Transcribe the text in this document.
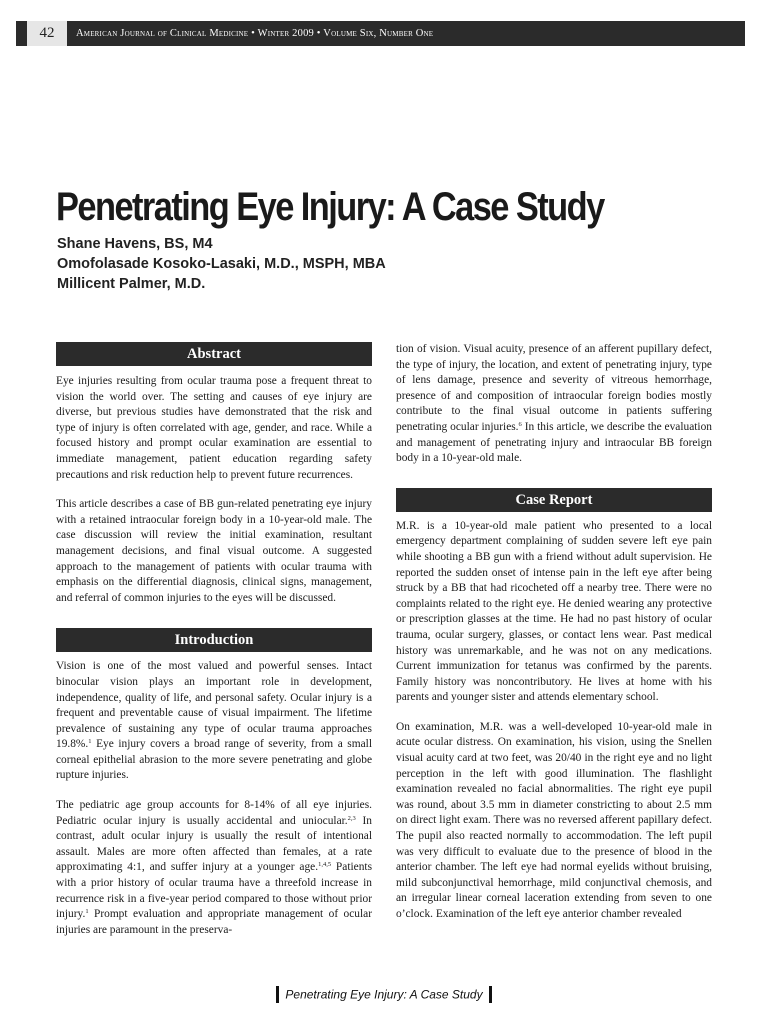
42	American Journal of Clinical Medicine • Winter 2009 • Volume Six, Number One
Penetrating Eye Injury: A Case Study
Shane Havens, BS, M4
Omofolasade Kosoko-Lasaki, M.D., MSPH, MBA
Millicent Palmer, M.D.
Abstract

Eye injuries resulting from ocular trauma pose a frequent threat to vision the world over. The setting and causes of eye injury are diverse, but previous studies have demonstrated that the risk and type of injury is often correlated with age, gender, and race. While a focused history and prompt ocular examination are essential to immediate management, patient education regarding safety precautions and risk reduction help to prevent future recurrences.

This article describes a case of BB gun-related penetrating eye injury with a retained intraocular foreign body in a 10-year-old male. The case discussion will review the initial examination, resultant management decisions, and final visual outcome. A suggested approach to the management of patients with ocular trauma with emphasis on the differential diagnosis, clinical signs, management, and referral of common injuries to the eyes will be discussed.

Introduction

Vision is one of the most valued and powerful senses. Intact binocular vision plays an important role in development, independence, quality of life, and personal safety. Ocular injury is a frequent and preventable cause of visual impairment. The lifetime prevalence of sustaining any type of ocular trauma approaches 19.8%.$^1$ Eye injury covers a broad range of severity, from a small corneal epithelial abrasion to the more severe penetrating and globe rupture injuries.

The pediatric age group accounts for 8-14% of all eye injuries. Pediatric ocular injury is usually accidental and uniocular.$^{2,3}$ In contrast, adult ocular injury is usually the result of intentional assault. Males are more often affected than females, at a rate approximating 4:1, and suffer injury at a younger age.$^{1,4,5}$ Patients with a prior history of ocular trauma have a threefold increase in recurrence risk in a five-year period compared to those without prior injury.$^1$ Prompt evaluation and appropriate management of ocular injuries are paramount in the preserva-

tion of vision. Visual acuity, presence of an afferent pupillary defect, the type of injury, the location, and extent of penetrating injury, type of lens damage, presence and severity of vitreous hemorrhage, presence of and composition of intraocular foreign bodies mostly contribute to the final visual outcome in patients suffering penetrating ocular injuries.$^6$ In this article, we describe the evaluation and management of penetrating injury and intraocular BB foreign body in a 10-year-old male.

Case Report

M.R. is a 10-year-old male patient who presented to a local emergency department complaining of sudden severe left eye pain while shooting a BB gun with a friend without adult supervision. He reported the sudden onset of intense pain in the left eye after being struck by a BB that had ricocheted off a nearby tree. There were no complaints related to the right eye. He denied wearing any protective or prescription glasses at the time. He had no past history of ocular trauma, ocular surgery, glasses, or contact lens wear. Past medical history was unremarkable, and he was not on any medications. Current immunization for tetanus was confirmed by the parents. Family history was noncontributory. He lives at home with his parents and younger sister and attends elementary school.

On examination, M.R. was a well-developed 10-year-old male in acute ocular distress. On examination, his vision, using the Snellen visual acuity card at two feet, was 20/40 in the right eye and no light perception in the left with good illumination. The flashlight examination revealed no facial abnormalities. The right eye pupil was round, about 3.5 mm in diameter constricting to about 2.5 mm on direct light exam. There was no reversed afferent papillary defect. The pupil also reacted normally to accommodation. The left pupil was very difficult to evaluate due to the presence of blood in the anterior chamber. The left eye had normal eyelids without bruising, mild subconjunctival hemorrhage, mild conjunctival chemosis, and an irregular linear corneal laceration extending from seven to one o’clock. Examination of the left eye anterior chamber revealed

Penetrating Eye Injury: A Case Study
